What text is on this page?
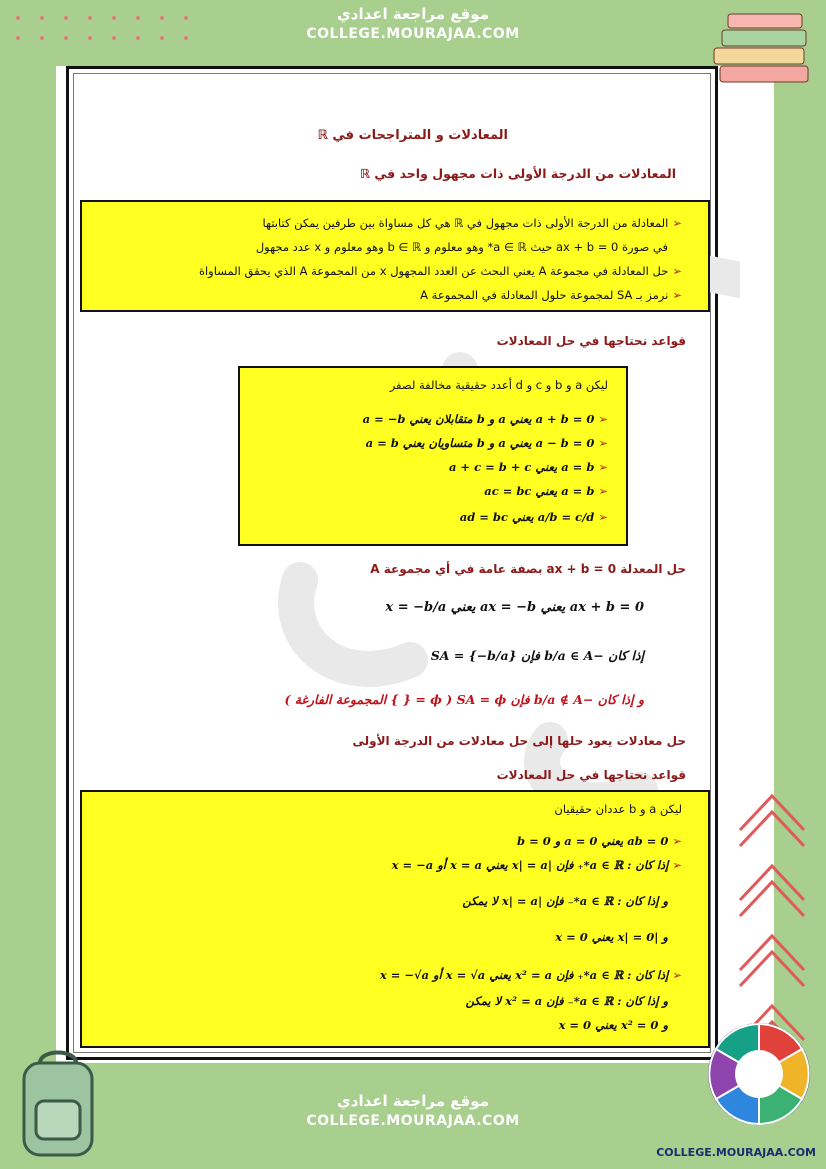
موقع مراجعة اعدادي
COLLEGE.MOURAJAA.COM
المعادلات و المتراجحات في ℝ
المعادلات من الدرجة الأولى ذات مجهول واحد في ℝ
➢المعادلة من الدرجة الأولى ذات مجهول في ℝ هي كل مساواة بين طرفين يمكن كتابتها
في صورة ax + b = 0 حيث a ∈ ℝ* وهو معلوم و b ∈ ℝ وهو معلوم و x عدد مجهول
➢حل المعادلة في مجموعة A يعني البحث عن العدد المجهول x من المجموعة A الذي يحقق المساواة
➢نرمز بـ SA لمجموعة حلول المعادلة في المجموعة A
قواعد نحتاجها في حل المعادلات
ليكن a و b و c و d أعدد حقيقية مخالفة لصفر
➢a + b = 0 يعني a و b متقابلان يعني a = −b
➢a − b = 0 يعني a و b متساويان يعني a = b
➢a = b يعني a + c = b + c
➢a = b يعني ac = bc
➢a/b = c/d يعني ad = bc
حل المعدلة 0 = ax + b بصفة عامة في أي مجموعة A
ax + b = 0 يعني ax = −b يعني x = −b/a
إذا كان −b/a ∈ A فإن SA = {−b/a}
و إذا كان −b/a ∉ A فإن SA = ϕ ( ϕ = { } المجموعة الفارغة )
حل معادلات يعود حلها إلى حل معادلات من الدرجة الأولى
قواعد نحتاجها في حل المعادلات
ليكن a و b عددان حقيقيان
➢ab = 0 يعني a = 0 و b = 0
➢إذا كان : a ∈ ℝ*₊ فإن |x| = a يعني x = a أو x = −a
و إذا كان : a ∈ ℝ*₋ فإن |x| = a لا يمكن
و |x| = 0 يعني x = 0
➢إذا كان : a ∈ ℝ*₊ فإن x² = a يعني x = √a أو x = −√a
و إذا كان : a ∈ ℝ*₋ فإن x² = a لا يمكن
و x² = 0 يعني x = 0
موقع مراجعة اعدادي
COLLEGE.MOURAJAA.COM
COLLEGE.MOURAJAA.COM
